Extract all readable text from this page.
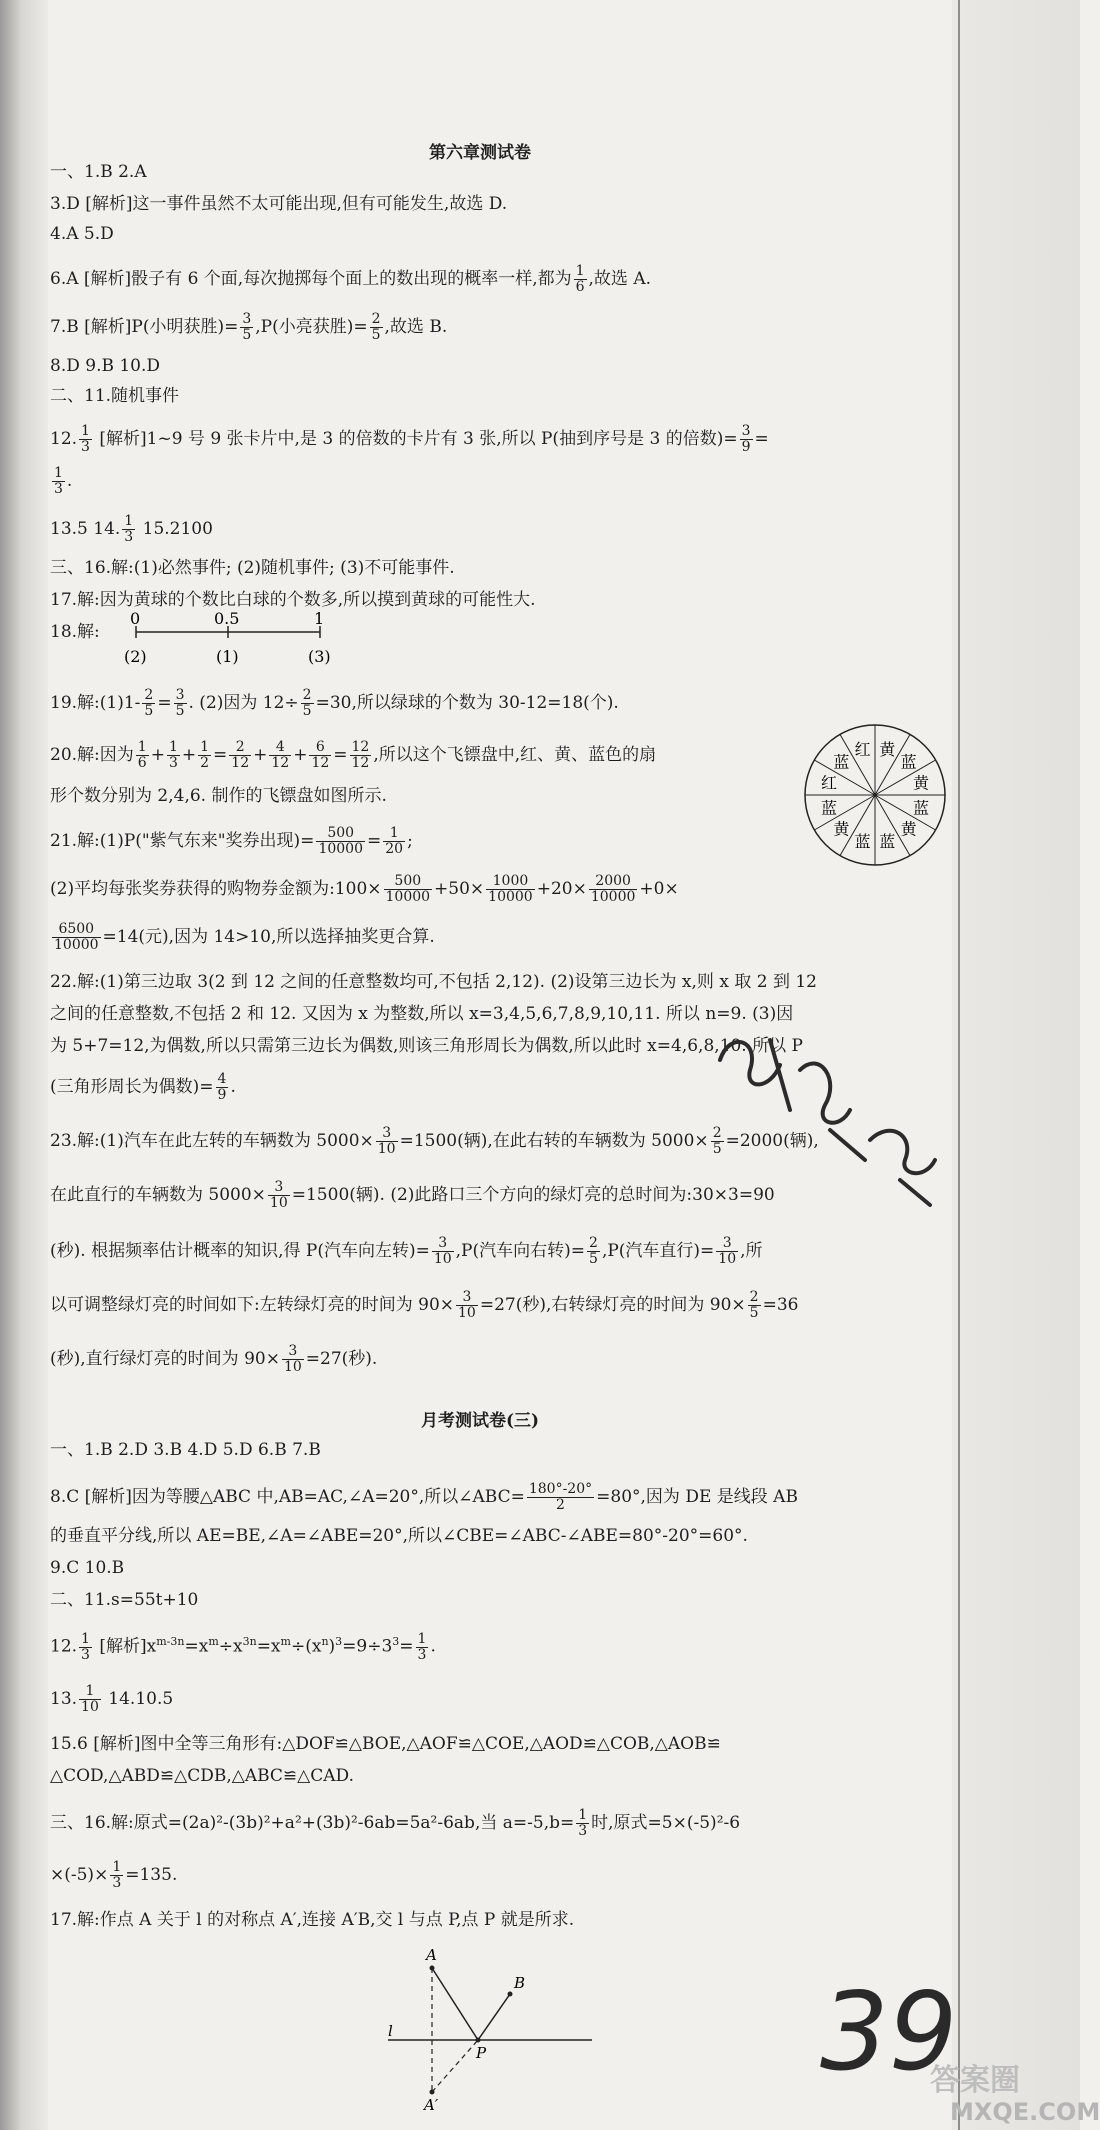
第六章测试卷
一、1.B 2.A
3.D [解析]这一事件虽然不太可能出现,但有可能发生,故选 D.
4.A 5.D
6.A [解析]骰子有 6 个面,每次抛掷每个面上的数出现的概率一样,都为 $\frac{1}{6}$ ,故选 A.
7.B [解析]P(小明获胜)= $\frac{3}{5} ,P$(小亮获胜)= $\frac{2}{5}$ ,故选 B.
8.D 9.B 10.D
二、11.随机事件
12. $\frac{1}{3}$ [解析]1~9 号 9 张卡片中,是 3 的倍数的卡片有 3 张,所以 P(抽到序号是 3 的倍数)= $\frac{3}{9}$ =
$\frac{1}{3}$ .
13.5 14. $\frac{1}{3} 15.2100$
三、16.解:(1)必然事件; (2)随机事件; (3)不可能事件.
17.解:因为黄球的个数比白球的个数多,所以摸到黄球的可能性大.
18.解:
0	0.5	1
(2)	(1)	(3)
19.解:(1)1- $\frac{2}{5} = \frac{3}{5}$ . (2)因为 $12\div \frac{2}{5} =30$,所以绿球的个数为 30-12=18(个).
20.解:因为 $\frac{1}{6} + \frac{1}{3} + \frac{1}{2} = \frac{2}{12} + \frac{4}{12} + \frac{6}{12} = \frac{12}{12}$ ,所以这个飞镖盘中,红、黄、蓝色的扇
形个数分别为 2,4,6. 制作的飞镖盘如图所示.
黄
蓝
黄
蓝
黄
蓝
蓝
黄
蓝
红
蓝
红
21.解:(1)P("紫气东来"奖券出现)= $\frac{500}{10000} = \frac{1}{20}$ ;
(2)平均每张奖券获得的购物券金额为:100× $\frac{500}{10000} +50\times \frac{1000}{10000} +20\times \frac{2000}{10000} +0\times$
$\frac{6500}{10000} =14$(元),因为 14>10,所以选择抽奖更合算.
22.解:(1)第三边取 3(2 到 12 之间的任意整数均可,不包括 2,12). (2)设第三边长为 x,则 x 取 2 到 12
之间的任意整数,不包括 2 和 12. 又因为 x 为整数,所以 x=3,4,5,6,7,8,9,10,11. 所以 n=9. (3)因
为 5+7=12,为偶数,所以只需第三边长为偶数,则该三角形周长为偶数,所以此时 x=4,6,8,10. 所以 P
(三角形周长为偶数)= $\frac{4}{9}$ .
23.解:(1)汽车在此左转的车辆数为 $5000\times \frac{3}{10} =1500$(辆),在此右转的车辆数为 $5000\times \frac{2}{5} =2000$(辆),
在此直行的车辆数为 $5000\times \frac{3}{10} =1500$(辆). (2)此路口三个方向的绿灯亮的总时间为:30×3=90
(秒). 根据频率估计概率的知识,得 P(汽车向左转)= $\frac{3}{10} ,P$(汽车向右转)= $\frac{2}{5} ,P$(汽车直行)= $\frac{3}{10}$ ,所
以可调整绿灯亮的时间如下:左转绿灯亮的时间为 $90\times \frac{3}{10} =27$(秒),右转绿灯亮的时间为 $90\times \frac{2}{5} =36$
(秒),直行绿灯亮的时间为 $90\times \frac{3}{10} =27$(秒).
月考测试卷(三)
一、1.B 2.D 3.B 4.D 5.D 6.B 7.B
8.C [解析]因为等腰△ABC 中,AB=AC,∠A=20°,所以∠ABC= $\frac{180^\circ-20^\circ}{2} =80^\circ$,因为 DE 是线段 AB
的垂直平分线,所以 AE=BE,∠A=∠ABE=20°,所以∠CBE=∠ABC-∠ABE=80°-20°=60°.
9.C 10.B
二、11.s=55t+10
12. $\frac{1}{3}$ [解析]$x^{m-3n}=x^m\div x^{3n}=x^m\div(x^n)^3=9\div 3^3= \frac{1}{3}$ .
13. $\frac{1}{10} 14.10.5$
15.6 [解析]图中全等三角形有:△DOF≌△BOE,△AOF≌△COE,△AOD≌△COB,△AOB≌
△COD,△ABD≌△CDB,△ABC≌△CAD.
三、16.解:原式=(2a)²-(3b)²+a²+(3b)²-6ab=5a²-6ab,当 $a=-5,b= \frac{1}{3}$ 时,原式=5×(-5)²-6
$\times(-5)\times \frac{1}{3} =135$.
17.解:作点 A 关于 l 的对称点 A′,连接 A′B,交 l 与点 P,点 P 就是所求.
A
B
l
P
A′
39
答案圈
MXQE.COM
